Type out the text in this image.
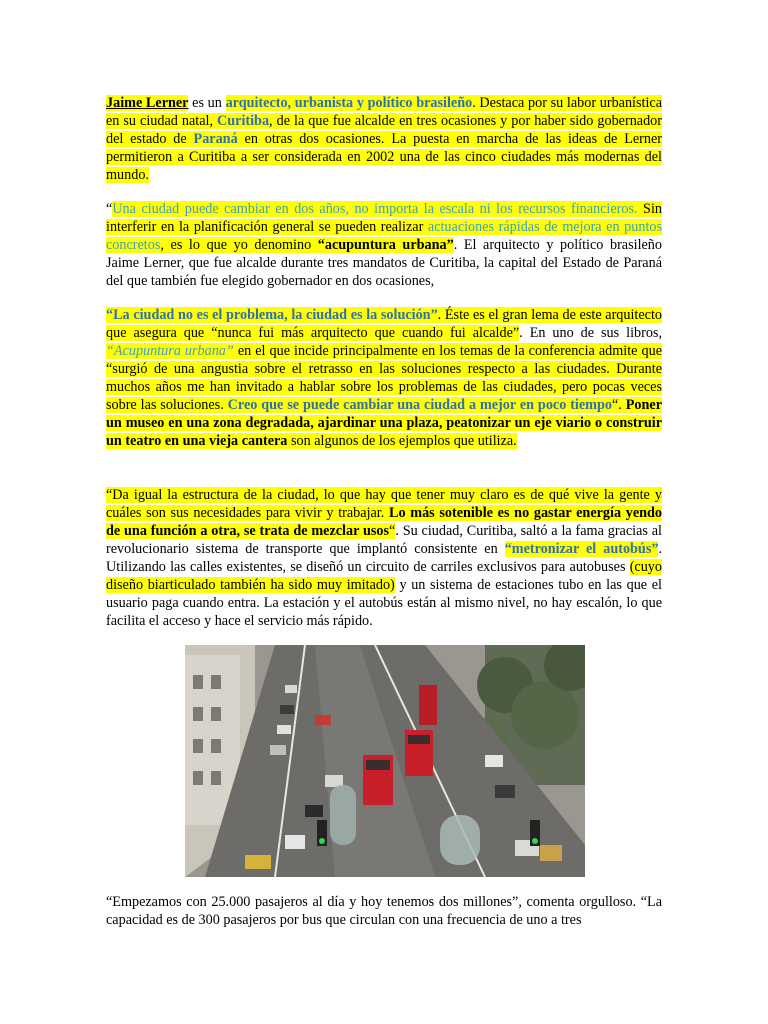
Jaime Lerner es un arquitecto, urbanista y político brasileño. Destaca por su labor urbanística en su ciudad natal, Curitiba, de la que fue alcalde en tres ocasiones y por haber sido gobernador del estado de Paraná en otras dos ocasiones. La puesta en marcha de las ideas de Lerner permitieron a Curitiba a ser considerada en 2002 una de las cinco ciudades más modernas del mundo.

“Una ciudad puede cambiar en dos años, no importa la escala ni los recursos financieros. Sin interferir en la planificación general se pueden realizar actuaciones rápidas de mejora en puntos concretos, es lo que yo denomino “acupuntura urbana”. El arquitecto y político brasileño Jaime Lerner, que fue alcalde durante tres mandatos de Curitiba, la capital del Estado de Paraná del que también fue elegido gobernador en dos ocasiones,

“La ciudad no es el problema, la ciudad es la solución”. Éste es el gran lema de este arquitecto que asegura que “nunca fui más arquitecto que cuando fui alcalde”. En uno de sus libros, “Acupuntura urbana” en el que incide principalmente en los temas de la conferencia admite que “surgió de una angustia sobre el retrasso en las soluciones respecto a las ciudades. Durante muchos años me han invitado a hablar sobre los problemas de las ciudades, pero pocas veces sobre las soluciones. Creo que se puede cambiar una ciudad a mejor en poco tiempo“. Poner un museo en una zona degradada, ajardinar una plaza, peatonizar un eje viario o construir un teatro en una vieja cantera son algunos de los ejemplos que utiliza.

“Da igual la estructura de la ciudad, lo que hay que tener muy claro es de qué vive la gente y cuáles son sus necesidades para vivir y trabajar. Lo más sotenible es no gastar energía yendo de una función a otra, se trata de mezclar usos“. Su ciudad, Curitiba, saltó a la fama gracias al revolucionario sistema de transporte que implantó consistente en “metronizar el autobús”. Utilizando las calles existentes, se diseñó un circuito de carriles exclusivos para autobuses (cuyo diseño biarticulado también ha sido muy imitado) y un sistema de estaciones tubo en las que el usuario paga cuando entra. La estación y el autobús están al mismo nivel, no hay escalón, lo que facilita el acceso y hace el servicio más rápido.

“Empezamos con 25.000 pasajeros al día y hoy tenemos dos millones”, comenta orgulloso. “La capacidad es de 300 pasajeros por bus que circulan con una frecuencia de uno a tres
